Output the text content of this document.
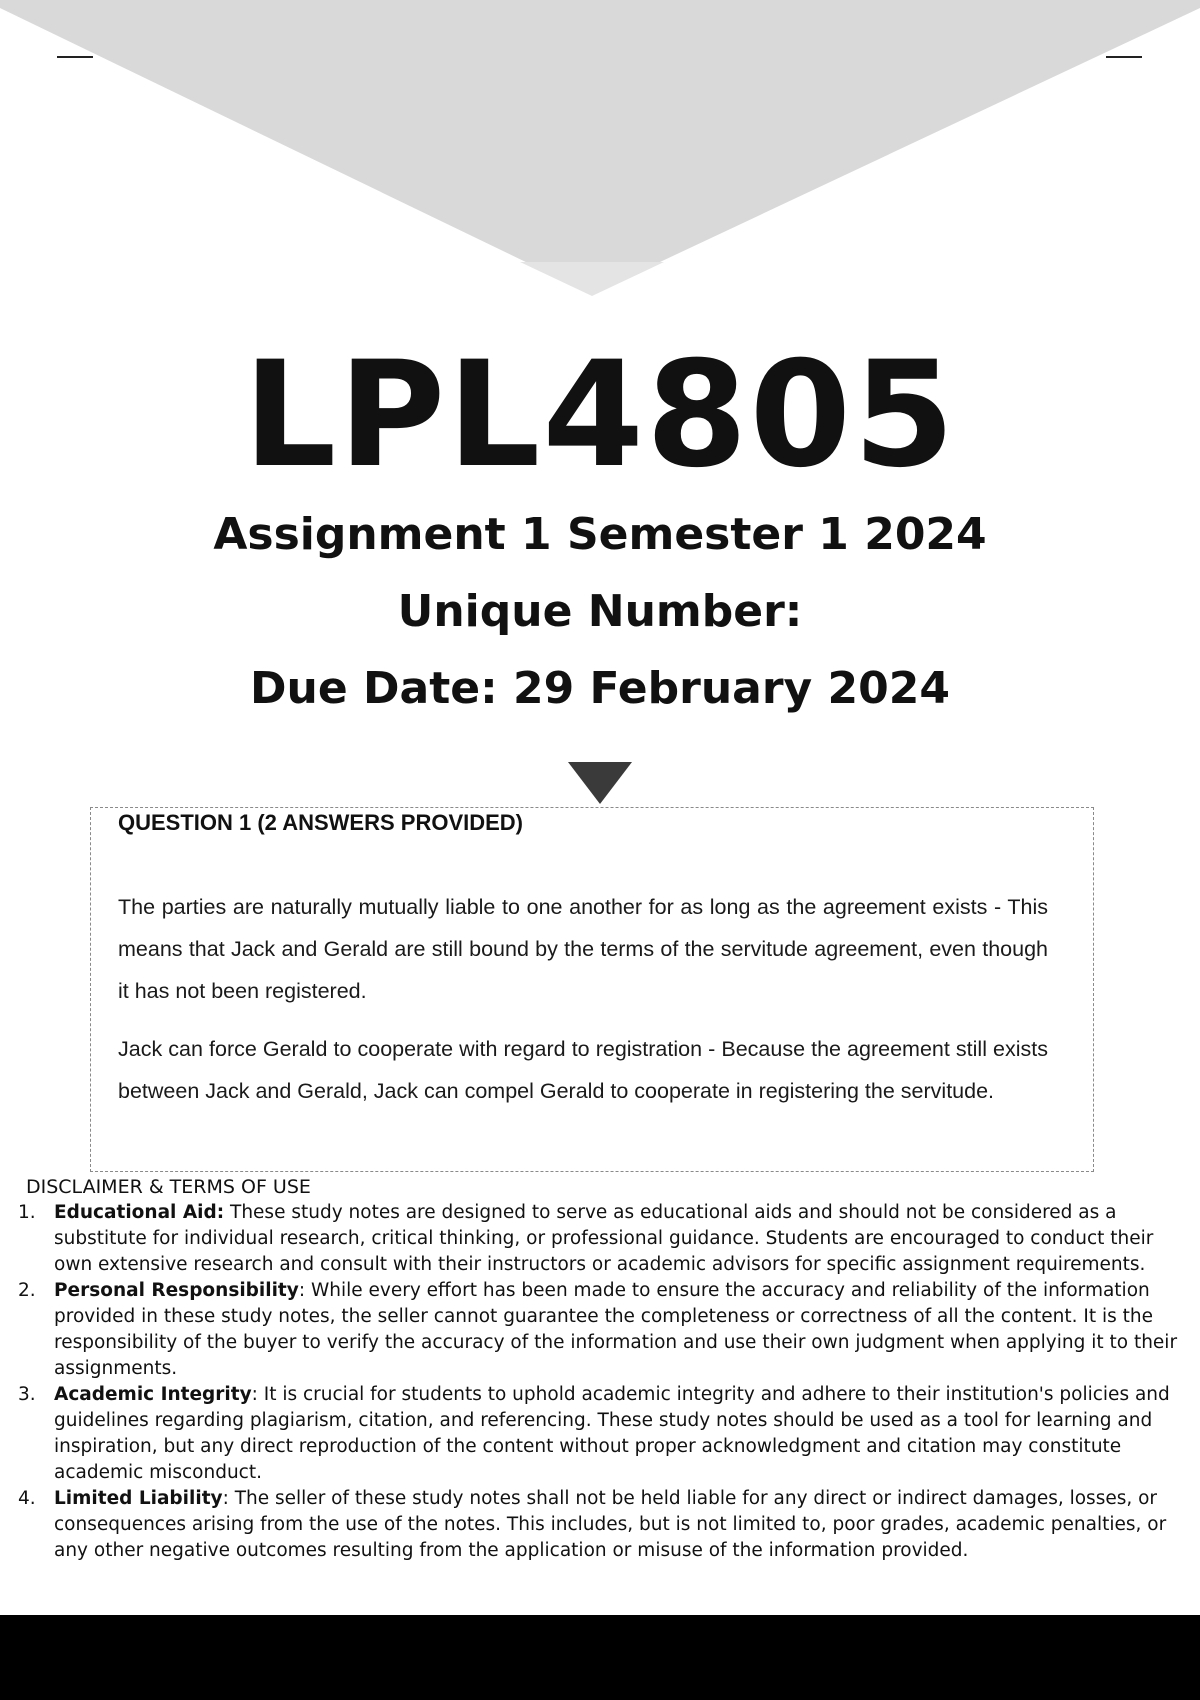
LPL4805
Assignment 1 Semester 1 2024
Unique Number:
Due Date: 29 February 2024
QUESTION 1 (2 ANSWERS PROVIDED)

The parties are naturally mutually liable to one another for as long as the agreement exists - This means that Jack and Gerald are still bound by the terms of the servitude agreement, even though it has not been registered.

Jack can force Gerald to cooperate with regard to registration - Because the agreement still exists between Jack and Gerald, Jack can compel Gerald to cooperate in registering the servitude.

DISCLAIMER & TERMS OF USE
1. Educational Aid: These study notes are designed to serve as educational aids and should not be considered as a substitute for individual research, critical thinking, or professional guidance. Students are encouraged to conduct their own extensive research and consult with their instructors or academic advisors for specific assignment requirements.
2. Personal Responsibility: While every effort has been made to ensure the accuracy and reliability of the information provided in these study notes, the seller cannot guarantee the completeness or correctness of all the content. It is the responsibility of the buyer to verify the accuracy of the information and use their own judgment when applying it to their assignments.
3. Academic Integrity: It is crucial for students to uphold academic integrity and adhere to their institution's policies and guidelines regarding plagiarism, citation, and referencing. These study notes should be used as a tool for learning and inspiration, but any direct reproduction of the content without proper acknowledgment and citation may constitute academic misconduct.
4. Limited Liability: The seller of these study notes shall not be held liable for any direct or indirect damages, losses, or consequences arising from the use of the notes. This includes, but is not limited to, poor grades, academic penalties, or any other negative outcomes resulting from the application or misuse of the information provided.
